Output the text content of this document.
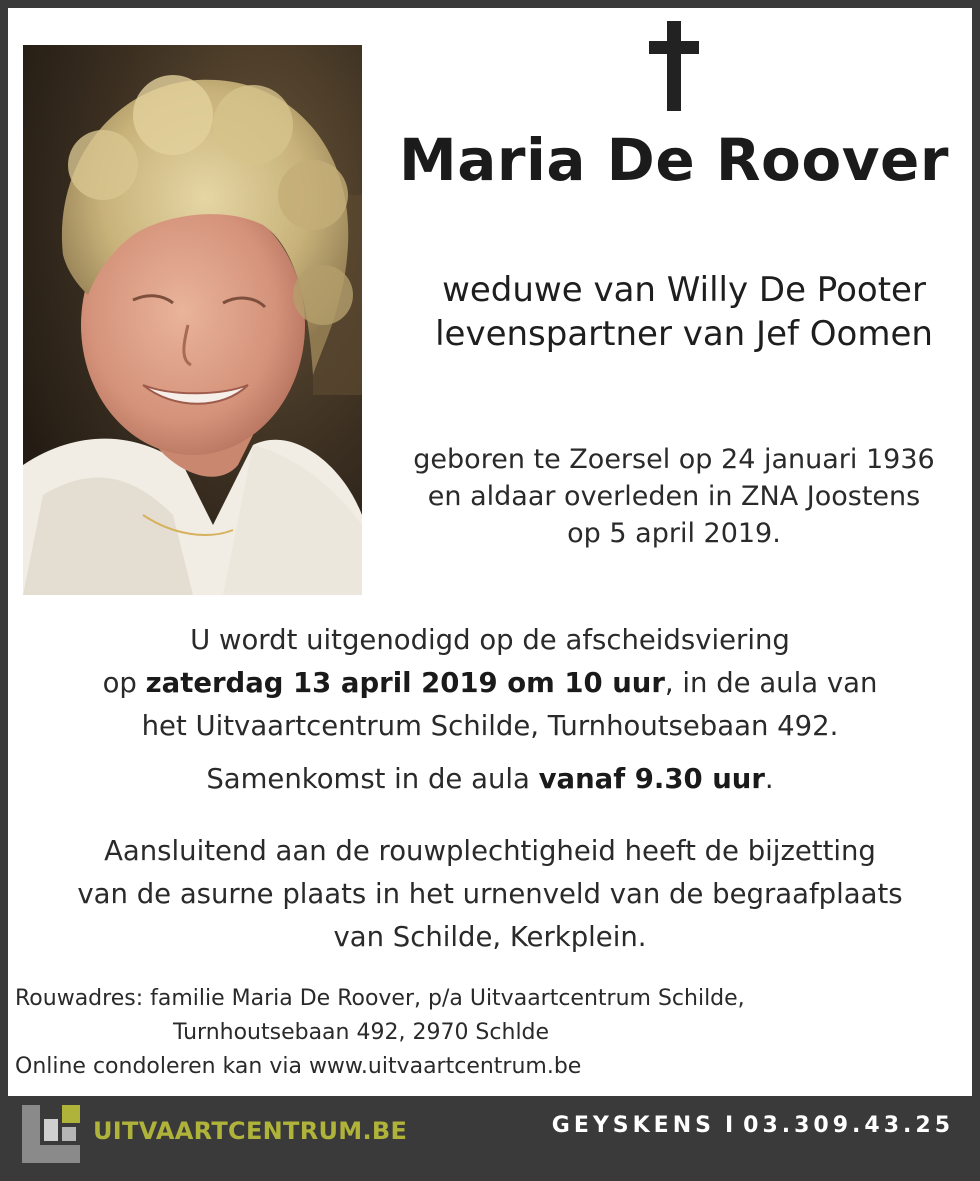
Maria De Roover
weduwe van Willy De Pooter
levenspartner van Jef Oomen
geboren te Zoersel op 24 januari 1936
en aldaar overleden in ZNA Joostens
op 5 april 2019.
U wordt uitgenodigd op de afscheidsviering
op zaterdag 13 april 2019 om 10 uur, in de aula van
het Uitvaartcentrum Schilde, Turnhoutsebaan 492.
Samenkomst in de aula vanaf 9.30 uur.
Aansluitend aan de rouwplechtigheid heeft de bijzetting
van de asurne plaats in het urnenveld van de begraafplaats
van Schilde, Kerkplein.
Rouwadres: familie Maria De Roover, p/a Uitvaartcentrum Schilde,
Turnhoutsebaan 492, 2970 Schlde
Online condoleren kan via www.uitvaartcentrum.be
UITVAARTCENTRUM.BE	GEYSKENS I 03.309.43.25
